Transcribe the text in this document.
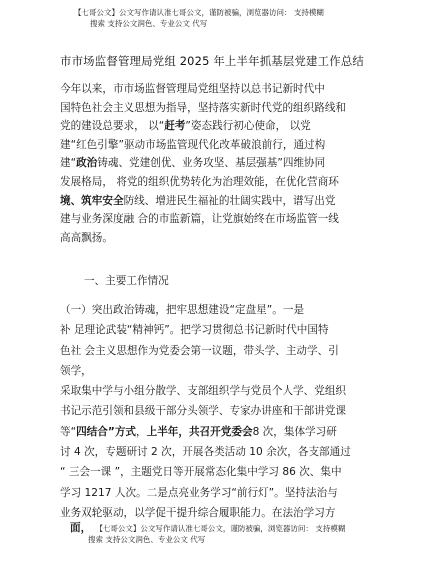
【七哥公文】公文写作请认准七哥公文，谨防被骗，浏览器访问： 支持模糊
搜索 支持公文润色、专业公文 代写
市市场监督管理局党组 2025 年上半年抓基层党建工作总结
今年以来，市市场监督管理局党组坚持以总书记新时代中
国特色社会主义思想为指导，坚持落实新时代党的组织路线和
党的建设总要求， 以“赶考”姿态践行初心使命， 以党
建“红色引擎”驱动市场监管现代化改革破浪前行，通过构
建“政治铸魂、党建创优、业务攻坚、基层强基”四维协同
发展格局， 将党的组织优势转化为治理效能，在优化营商环
境、筑牢安全防线、增进民生福祉的壮阔实践中，谱写出党
建与业务深度融 合的市监新篇，让党旗始终在市场监管一线
高高飘扬。
一、主要工作情况
（一）突出政治铸魂，把牢思想建设“定盘星”。一是
补 足理论武装“精神钙”。把学习贯彻总书记新时代中国特
色社 会主义思想作为党委会第一议题，带头学、主动学、引
领学，
采取集中学与小组分散学、支部组织学与党员个人学、党组织
书记示范引领和县级干部分头领学、专家办讲座和干部讲党课
等“四结合”方式，上半年，共召开党委会8 次，集体学习研
讨 4 次，专题研讨 2 次，开展各类活动 10 余次，各支部通过
“ 三会一课 ”，主题党日等开展常态化集中学习 86 次、集中
学习 1217 人次。二是点亮业务学习“前行灯”。坚持法治与
业务双轮驱动，以学促干提升综合履职能力。在法治学习方
面， 【七哥公文】公文写作请认准七哥公文，谨防被骗，浏览器访问： 支持模糊
搜索 支持公文润色、专业公文 代写
